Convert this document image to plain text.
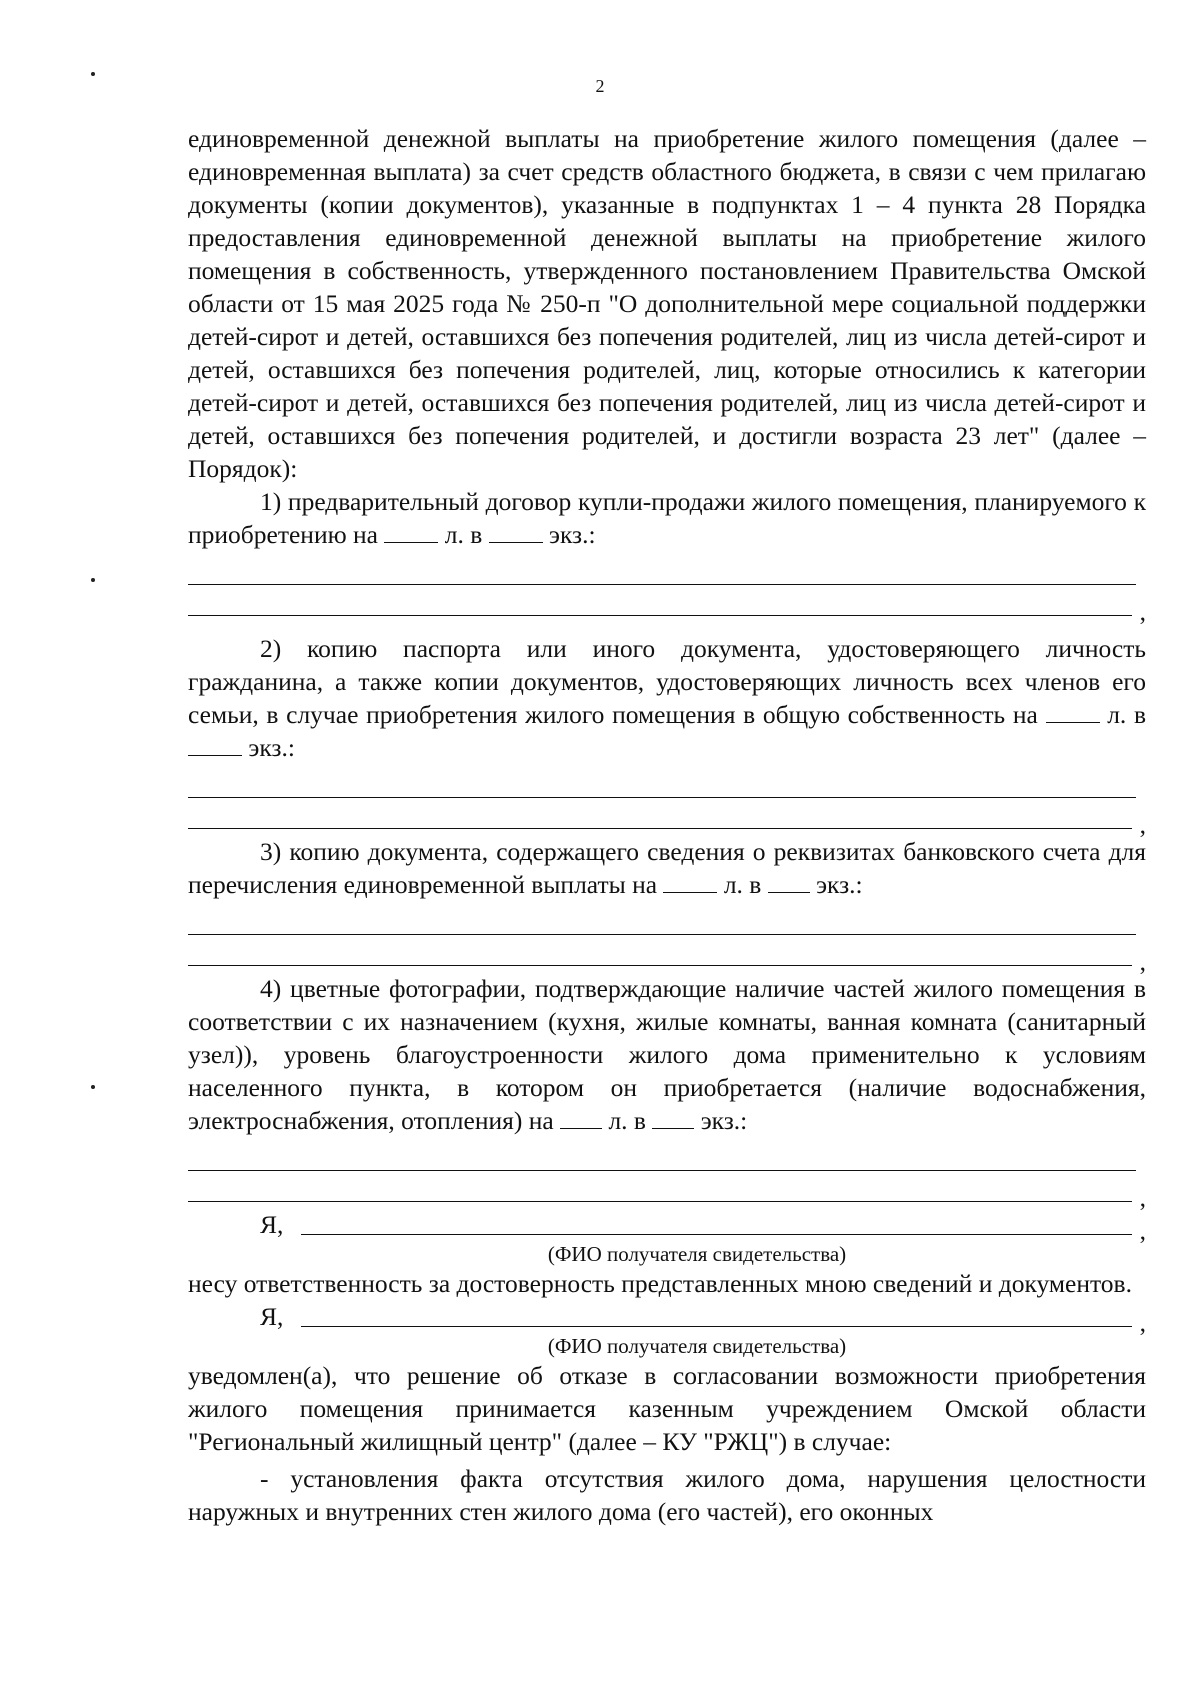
2

единовременной денежной выплаты на приобретение жилого помещения (далее – единовременная выплата) за счет средств областного бюджета, в связи с чем прилагаю документы (копии документов), указанные в подпунктах 1 – 4 пункта 28 Порядка предоставления единовременной денежной выплаты на приобретение жилого помещения в собственность, утвержденного постановлением Правительства Омской области от 15 мая 2025 года № 250-п "О дополнительной мере социальной поддержки детей-сирот и детей, оставшихся без попечения родителей, лиц из числа детей-сирот и детей, оставшихся без попечения родителей, лиц, которые относились к категории детей-сирот и детей, оставшихся без попечения родителей, лиц из числа детей-сирот и детей, оставшихся без попечения родителей, и достигли возраста 23 лет" (далее – Порядок):

1) предварительный договор купли-продажи жилого помещения, планируемого к приобретению на	л. в	экз.:

,

2) копию паспорта или иного документа, удостоверяющего личность гражданина, а также копии документов, удостоверяющих личность всех членов его семьи, в случае приобретения жилого помещения в общую собственность на	л. в  экз.:

,

3) копию документа, содержащего сведения о реквизитах банковского счета для перечисления единовременной выплаты на	л. в экз.:

,

4) цветные фотографии, подтверждающие наличие частей жилого помещения в соответствии с их назначением (кухня, жилые комнаты, ванная комната (санитарный узел)), уровень благоустроенности жилого дома применительно к условиям населенного пункта, в котором он приобретается (наличие водоснабжения, электроснабжения, отопления) на л. в экз.:

,
Я,	,
(ФИО получателя свидетельства)

несу ответственность за достоверность представленных мною сведений и документов.

Я,	,
(ФИО получателя свидетельства)

уведомлен(а), что решение об отказе в согласовании возможности приобретения жилого помещения принимается казенным учреждением Омской области "Региональный жилищный центр" (далее – КУ "РЖЦ") в случае:

- установления факта отсутствия жилого дома, нарушения целостности наружных и внутренних стен жилого дома (его частей), его оконных
